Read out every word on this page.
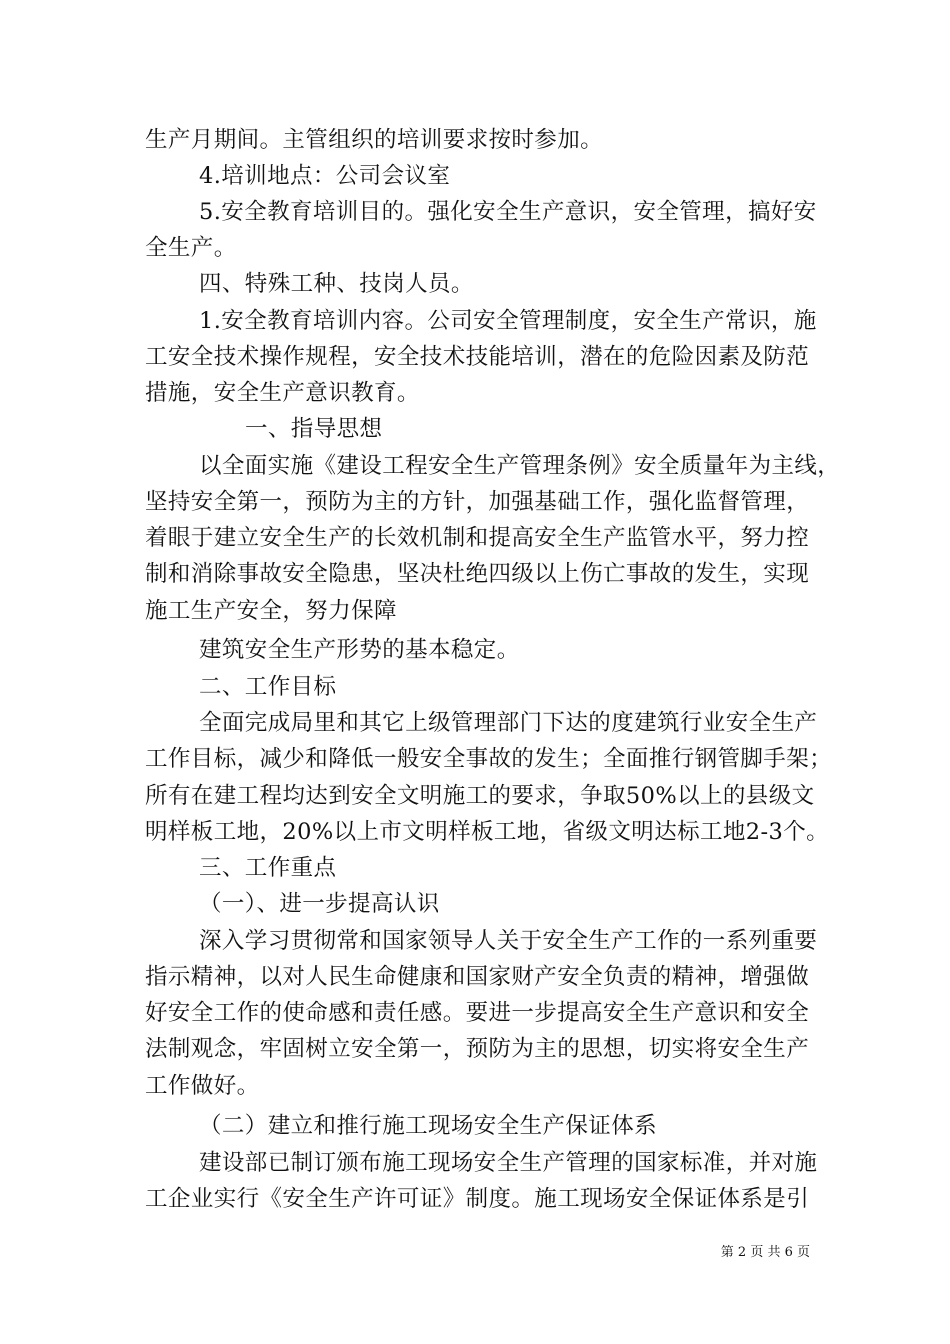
生产月期间。主管组织的培训要求按时参加。
4.培训地点：公司会议室
5.安全教育培训目的。强化安全生产意识，安全管理，搞好安
全生产。
四、特殊工种、技岗人员。
1.安全教育培训内容。公司安全管理制度，安全生产常识，施
工安全技术操作规程，安全技术技能培训，潜在的危险因素及防范
措施，安全生产意识教育。
一、指导思想
以全面实施《建设工程安全生产管理条例》安全质量年为主线，
坚持安全第一，预防为主的方针，加强基础工作，强化监督管理，
着眼于建立安全生产的长效机制和提高安全生产监管水平，努力控
制和消除事故安全隐患，坚决杜绝四级以上伤亡事故的发生，实现
施工生产安全，努力保障
建筑安全生产形势的基本稳定。
二、工作目标
全面完成局里和其它上级管理部门下达的度建筑行业安全生产
工作目标，减少和降低一般安全事故的发生；全面推行钢管脚手架；
所有在建工程均达到安全文明施工的要求，争取50%以上的县级文
明样板工地，20%以上市文明样板工地，省级文明达标工地2-3个。
三、工作重点
（一）、进一步提高认识
深入学习贯彻常和国家领导人关于安全生产工作的一系列重要
指示精神，以对人民生命健康和国家财产安全负责的精神，增强做
好安全工作的使命感和责任感。要进一步提高安全生产意识和安全
法制观念，牢固树立安全第一，预防为主的思想，切实将安全生产
工作做好。
（二）建立和推行施工现场安全生产保证体系
建设部已制订颁布施工现场安全生产管理的国家标准，并对施
工企业实行《安全生产许可证》制度。施工现场安全保证体系是引
第 2 页 共 6 页
